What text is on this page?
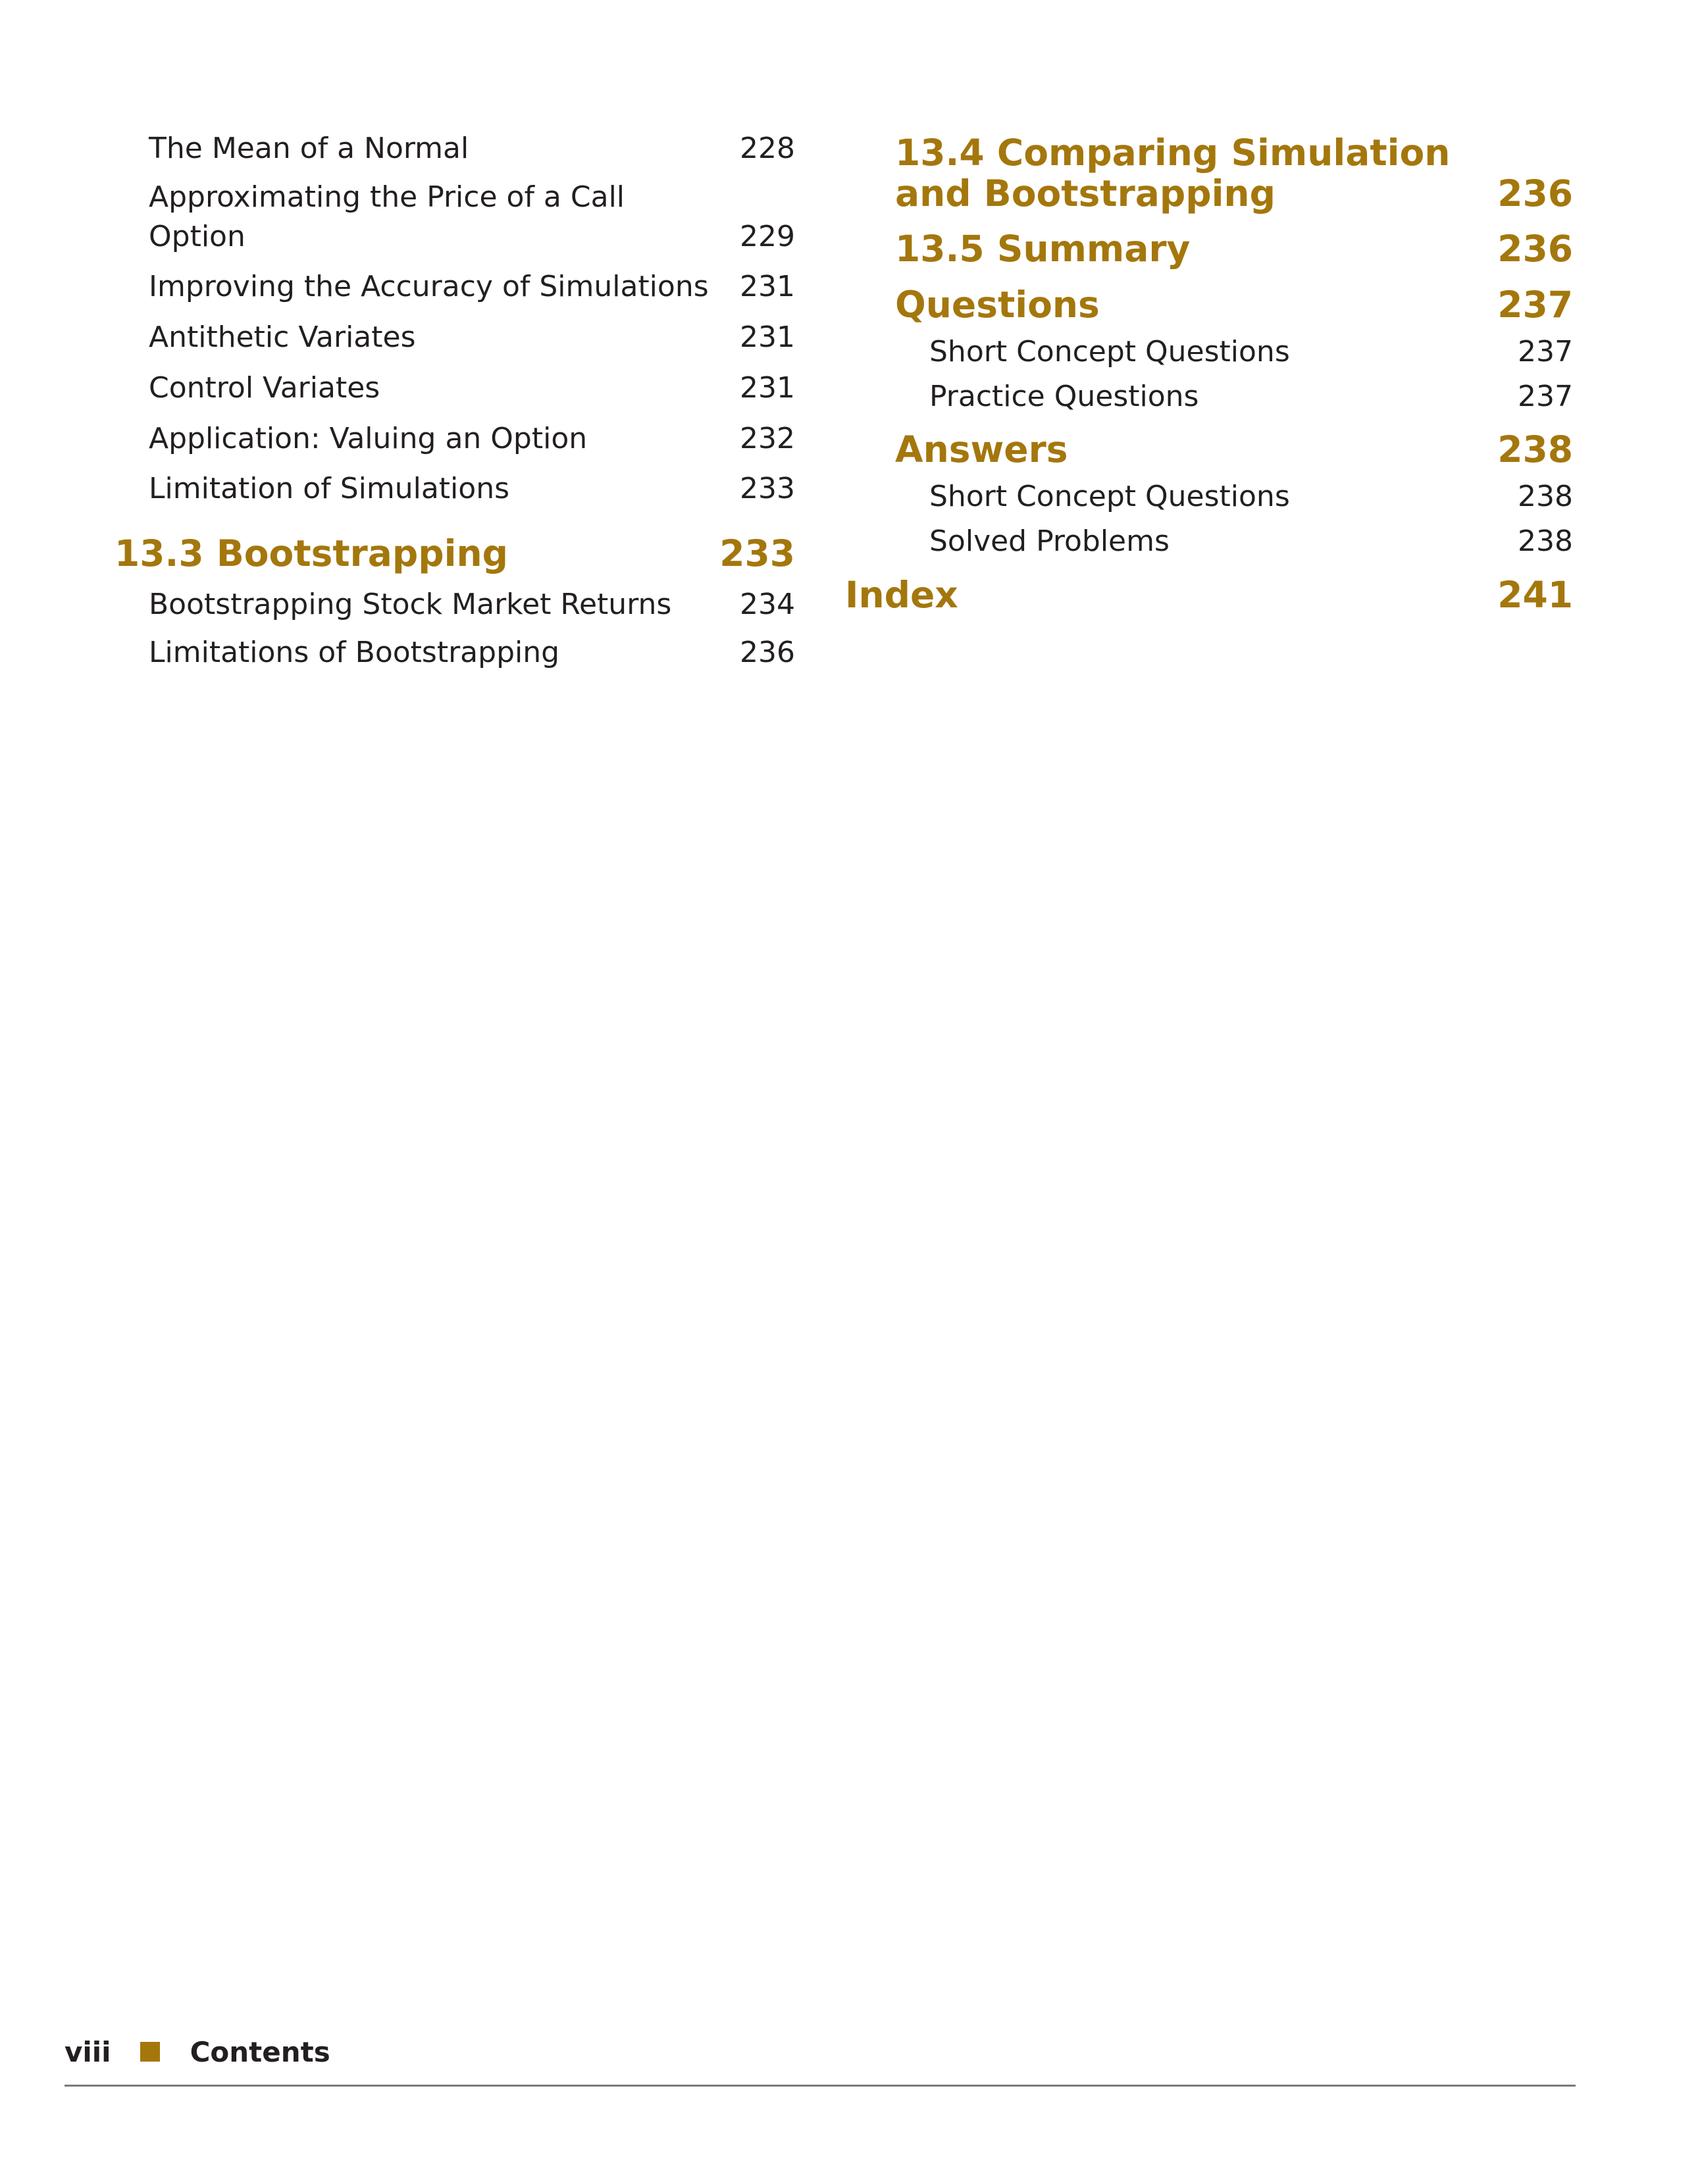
The Mean of a Normal	228
Approximating the Price of a Call
Option	229
Improving the Accuracy of Simulations 231
Antithetic Variates	231
Control Variates	231
Application: Valuing an Option	232
Limitation of Simulations	233
13.3 Bootstrapping	233
Bootstrapping Stock Market Returns 234
Limitations of Bootstrapping	236
13.4 Comparing Simulation
and Bootstrapping	236
13.5 Summary	236
Questions	237
Short Concept Questions	237
Practice Questions	237
Answers	238
Short Concept Questions	238
Solved Problems	238
Index	241
viii	Contents
